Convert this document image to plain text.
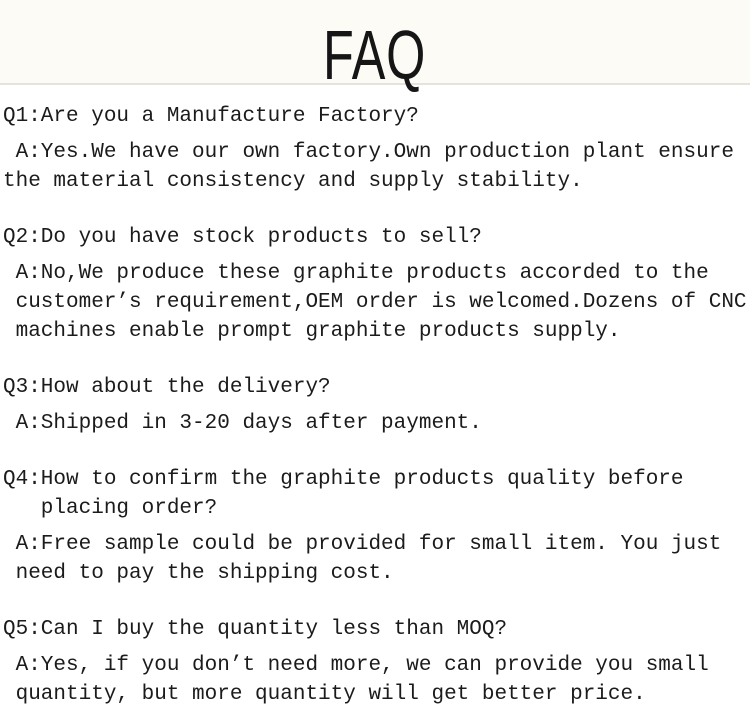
FAQ
Q1:Are you a Manufacture Factory?
A:Yes.We have our own factory.Own production plant ensure
the material consistency and supply stability.
Q2:Do you have stock products to sell?
A:No,We produce these graphite products accorded to the
customer’s requirement,OEM order is welcomed.Dozens of CNC
machines enable prompt graphite products supply.
Q3:How about the delivery?
A:Shipped in 3-20 days after payment.
Q4:How to confirm the graphite products quality before
placing order?
A:Free sample could be provided for small item. You just
need to pay the shipping cost.
Q5:Can I buy the quantity less than MOQ?
A:Yes, if you don’t need more, we can provide you small
quantity, but more quantity will get better price.
